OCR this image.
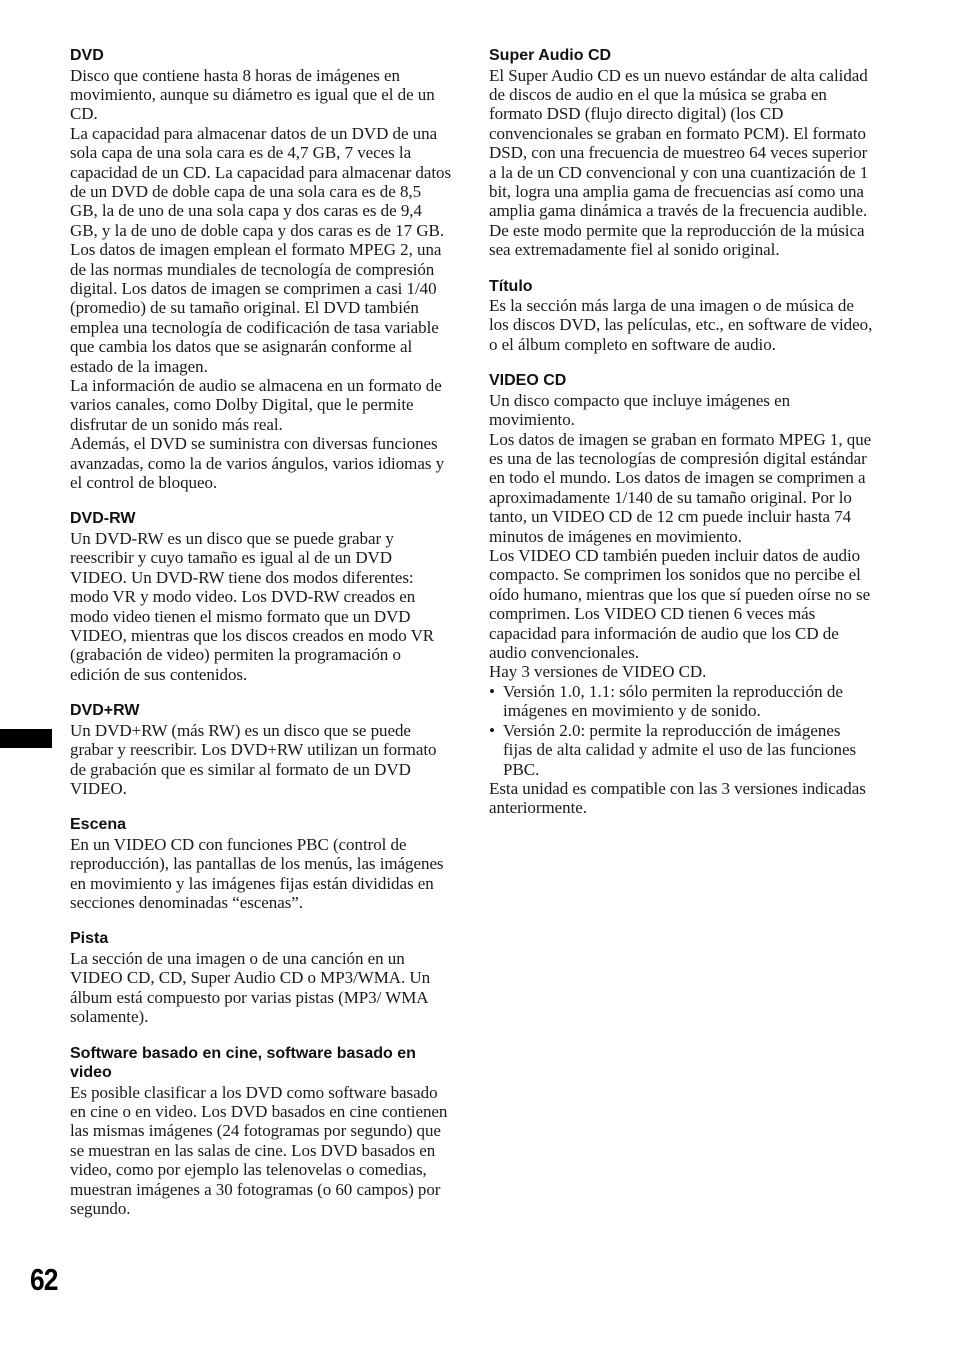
DVD

Disco que contiene hasta 8 horas de imágenes en movimiento, aunque su diámetro es igual que el de un CD.

La capacidad para almacenar datos de un DVD de una sola capa de una sola cara es de 4,7 GB, 7 veces la capacidad de un CD. La capacidad para almacenar datos de un DVD de doble capa de una sola cara es de 8,5 GB, la de uno de una sola capa y dos caras es de 9,4 GB, y la de uno de doble capa y dos caras es de 17 GB.

Los datos de imagen emplean el formato MPEG 2, una de las normas mundiales de tecnología de compresión digital. Los datos de imagen se comprimen a casi 1/40 (promedio) de su tamaño original. El DVD también emplea una tecnología de codificación de tasa variable que cambia los datos que se asignarán conforme al estado de la imagen.

La información de audio se almacena en un formato de varios canales, como Dolby Digital, que le permite disfrutar de un sonido más real.

Además, el DVD se suministra con diversas funciones avanzadas, como la de varios ángulos, varios idiomas y el control de bloqueo.

DVD-RW

Un DVD-RW es un disco que se puede grabar y reescribir y cuyo tamaño es igual al de un DVD VIDEO. Un DVD-RW tiene dos modos diferentes: modo VR y modo video. Los DVD-RW creados en modo video tienen el mismo formato que un DVD VIDEO, mientras que los discos creados en modo VR (grabación de video) permiten la programación o edición de sus contenidos.

DVD+RW

Un DVD+RW (más RW) es un disco que se puede grabar y reescribir. Los DVD+RW utilizan un formato de grabación que es similar al formato de un DVD VIDEO.

Escena

En un VIDEO CD con funciones PBC (control de reproducción), las pantallas de los menús, las imágenes en movimiento y las imágenes fijas están divididas en secciones denominadas “escenas”.

Pista

La sección de una imagen o de una canción en un VIDEO CD, CD, Super Audio CD o MP3/WMA. Un álbum está compuesto por varias pistas (MP3/ WMA solamente).

Software basado en cine, software basado en video

Es posible clasificar a los DVD como software basado en cine o en video. Los DVD basados en cine contienen las mismas imágenes (24 fotogramas por segundo) que se muestran en las salas de cine. Los DVD basados en video, como por ejemplo las telenovelas o comedias, muestran imágenes a 30 fotogramas (o 60 campos) por segundo.

Super Audio CD

El Super Audio CD es un nuevo estándar de alta calidad de discos de audio en el que la música se graba en formato DSD (flujo directo digital) (los CD convencionales se graban en formato PCM). El formato DSD, con una frecuencia de muestreo 64 veces superior a la de un CD convencional y con una cuantización de 1 bit, logra una amplia gama de frecuencias así como una amplia gama dinámica a través de la frecuencia audible. De este modo permite que la reproducción de la música sea extremadamente fiel al sonido original.

Título

Es la sección más larga de una imagen o de música de los discos DVD, las películas, etc., en software de video, o el álbum completo en software de audio.

VIDEO CD

Un disco compacto que incluye imágenes en movimiento.

Los datos de imagen se graban en formato MPEG 1, que es una de las tecnologías de compresión digital estándar en todo el mundo. Los datos de imagen se comprimen a aproximadamente 1/140 de su tamaño original. Por lo tanto, un VIDEO CD de 12 cm puede incluir hasta 74 minutos de imágenes en movimiento.

Los VIDEO CD también pueden incluir datos de audio compacto. Se comprimen los sonidos que no percibe el oído humano, mientras que los que sí pueden oírse no se comprimen. Los VIDEO CD tienen 6 veces más capacidad para información de audio que los CD de audio convencionales.

Hay 3 versiones de VIDEO CD.

• Versión 1.0, 1.1: sólo permiten la reproducción de imágenes en movimiento y de sonido.
• Versión 2.0: permite la reproducción de imágenes fijas de alta calidad y admite el uso de las funciones PBC.

Esta unidad es compatible con las 3 versiones indicadas anteriormente.

62
